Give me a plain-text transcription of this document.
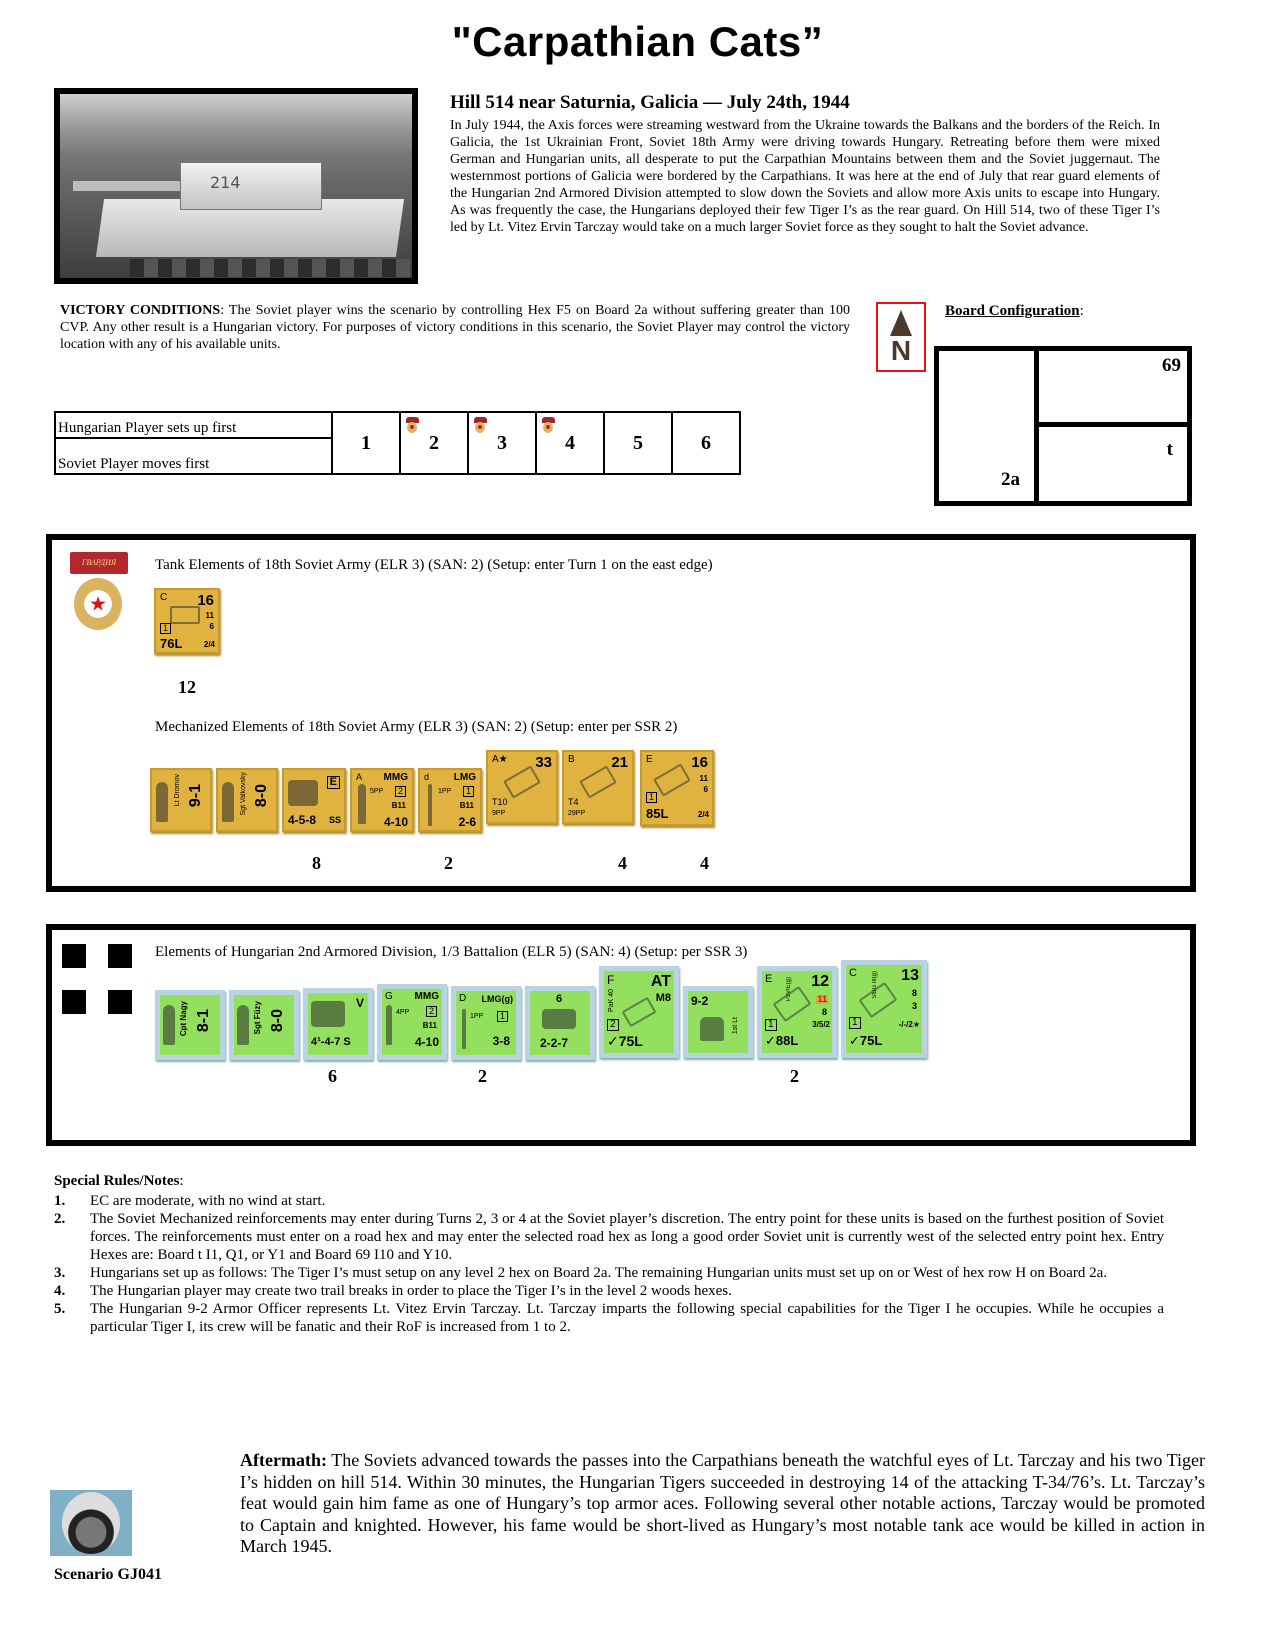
"Carpathian Cats”
214
Hill 514 near Saturnia, Galicia — July 24th, 1944
In July 1944, the Axis forces were streaming westward from the Ukraine towards the Balkans and the borders of the Reich. In Galicia, the 1st Ukrainian Front, Soviet 18th Army were driving towards Hungary. Retreating before them were mixed German and Hungarian units, all desperate to put the Carpathian Mountains between them and the Soviet juggernaut. The westernmost portions of Galicia were bordered by the Carpathians. It was here at the end of July that rear guard elements of the Hungarian 2nd Armored Division attempted to slow down the Soviets and allow more Axis units to escape into Hungary. As was frequently the case, the Hungarians deployed their few Tiger I’s as the rear guard. On Hill 514, two of these Tiger I’s led by Lt. Vitez Ervin Tarczay would take on a much larger Soviet force as they sought to halt the Soviet advance.
VICTORY CONDITIONS: The Soviet player wins the scenario by controlling Hex F5 on Board 2a without suffering greater than 100 CVP. Any other result is a Hungarian victory. For purposes of victory conditions in this scenario, the Soviet Player may control the victory location with any of his available units.	N
Board Configuration:
2a
69
t
Hungarian Player sets up first	1	2	3	4	5	6
Soviet Player moves first
ГВАРДИЯ	Tank Elements of 18th Soviet Army (ELR 3) (SAN: 2) (Setup: enter Turn 1 on the east edge)
C 16
11
6
1
76L	2/4
12
Mechanized Elements of 18th Soviet Army (ELR 3) (SAN: 2) (Setup: enter per SSR 2)
Lt Dromov 9-1	Sgt Valkovsky 8-0
E
4-5-8 SS
A MMG
5PP	2
B11
4-10
d LMG
1PP	1
B11
2-6
A★ 33
T10
9PP
B 21
T4
29PP
E	16
11
6
1
85L	2/4
8	2	4	4
Elements of Hungarian 2nd Armored Division, 1/3 Battalion (ELR 5) (SAN: 4) (Setup: per SSR 3)
Cpt Nagy 8-1	Sgt Füzy 8-0
V
4¹-4-7 S
G MMG
4PP	2
B11
4-10
D LMG(g)
1PP	1
3-8
6
2-2-7
F AT
M8
PaK 40
2
✓75L
9-2
1st Lt
E 12
11
8
1
✓88L
PzVIE(g)
3/5/2
C	13
8
3
1
✓75L
StuG III(g)
-/-/2★
6	2	2
Special Rules/Notes:
1.	EC are moderate, with no wind at start.
2.	The Soviet Mechanized reinforcements may enter during Turns 2, 3 or 4 at the Soviet player’s discretion. The entry point for these units is based on the furthest position of Soviet forces. The reinforcements must enter on a road hex and may enter the selected road hex as long a good order Soviet unit is currently west of the selected entry point hex. Entry Hexes are: Board t I1, Q1, or Y1 and Board 69 I10 and Y10.
3.	Hungarians set up as follows: The Tiger I’s must setup on any level 2 hex on Board 2a. The remaining Hungarian units must set up on or West of hex row H on Board 2a.
4.	The Hungarian player may create two trail breaks in order to place the Tiger I’s in the level 2 woods hexes.
5.	The Hungarian 9-2 Armor Officer represents Lt. Vitez Ervin Tarczay. Lt. Tarczay imparts the following special capabilities for the Tiger I he occupies. While he occupies a particular Tiger I, its crew will be fanatic and their RoF is increased from 1 to 2.
Aftermath: The Soviets advanced towards the passes into the Carpathians beneath the watchful eyes of Lt. Tarczay and his two Tiger I’s hidden on hill 514. Within 30 minutes, the Hungarian Tigers succeeded in destroying 14 of the attacking T-34/76’s. Lt. Tarczay’s feat would gain him fame as one of Hungary’s top armor aces. Following several other notable actions, Tarczay would be promoted to Captain and knighted. However, his fame would be short-lived as Hungary’s most notable tank ace would be killed in action in March 1945.
Scenario GJ041
